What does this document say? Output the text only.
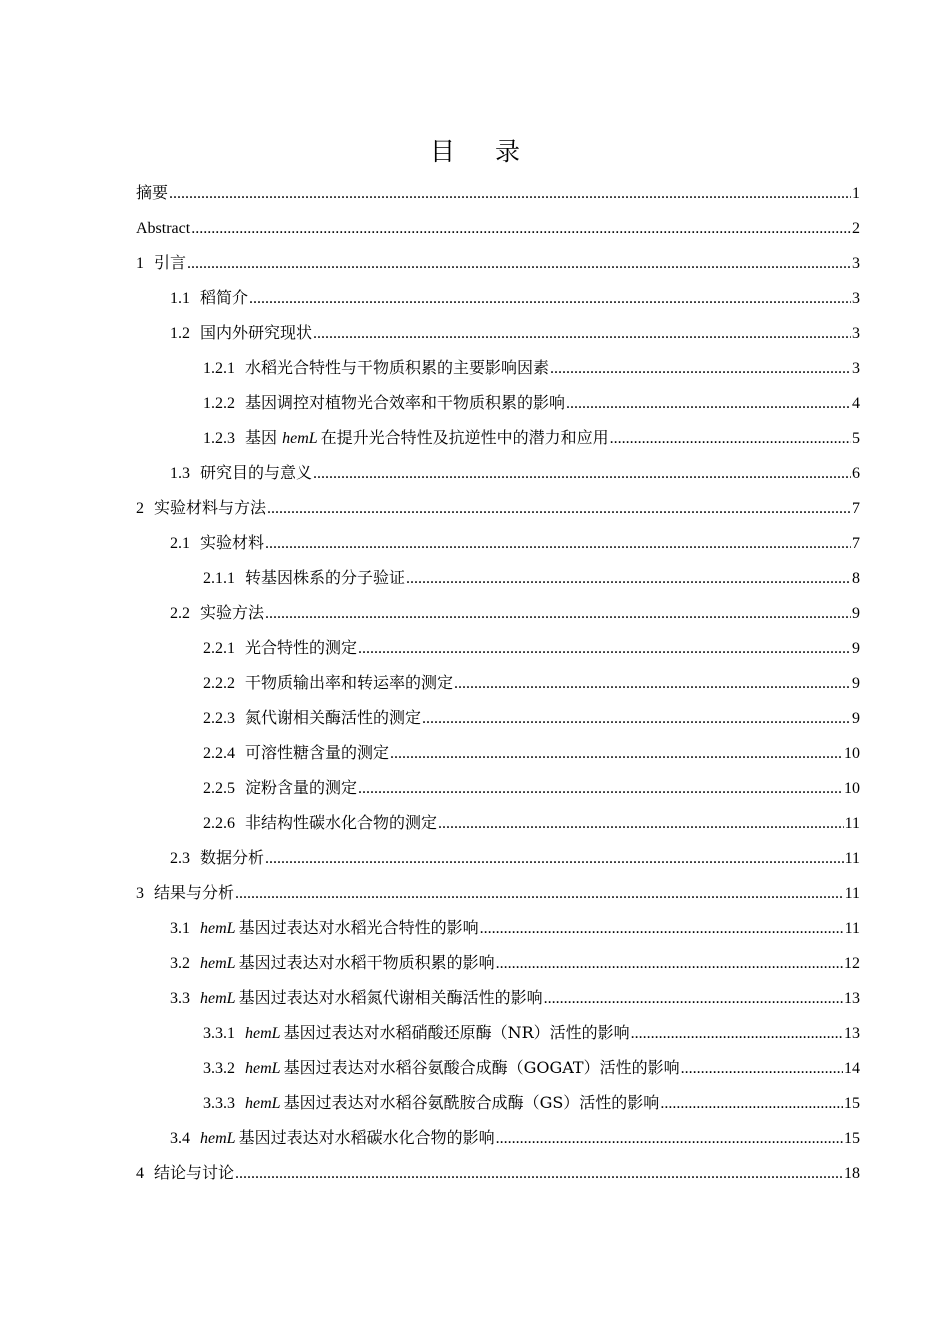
目录
摘要 .....	1
Abstract .....	2
1 引言 .....	3
1.1 稻简介 .....	3
1.2 国内外研究现状 .....	3
1.2.1 水稻光合特性与干物质积累的主要影响因素 .....	3
1.2.2 基因调控对植物光合效率和干物质积累的影响 .....	4
1.2.3 基因 hemL 在提升光合特性及抗逆性中的潜力和应用 .....	5
1.3 研究目的与意义 .....	6
2 实验材料与方法 .....	7
2.1 实验材料 .....	7
2.1.1 转基因株系的分子验证 .....	8
2.2 实验方法 .....	9
2.2.1 光合特性的测定 .....	9
2.2.2 干物质输出率和转运率的测定 .....	9
2.2.3 氮代谢相关酶活性的测定 .....	9
2.2.4 可溶性糖含量的测定 .....	10
2.2.5 淀粉含量的测定 .....	10
2.2.6 非结构性碳水化合物的测定 .....	11
2.3 数据分析 .....	11
3 结果与分析 .....	11
3.1 hemL 基因过表达对水稻光合特性的影响 .....	11
3.2 hemL 基因过表达对水稻干物质积累的影响 .....	12
3.3 hemL 基因过表达对水稻氮代谢相关酶活性的影响 .....	13
3.3.1 hemL 基因过表达对水稻硝酸还原酶（NR）活性的影响 .....	13
3.3.2 hemL 基因过表达对水稻谷氨酸合成酶（GOGAT）活性的影响 .....	14
3.3.3 hemL 基因过表达对水稻谷氨酰胺合成酶（GS）活性的影响 .....	15
3.4 hemL 基因过表达对水稻碳水化合物的影响 .....	15
4 结论与讨论 .....	18
